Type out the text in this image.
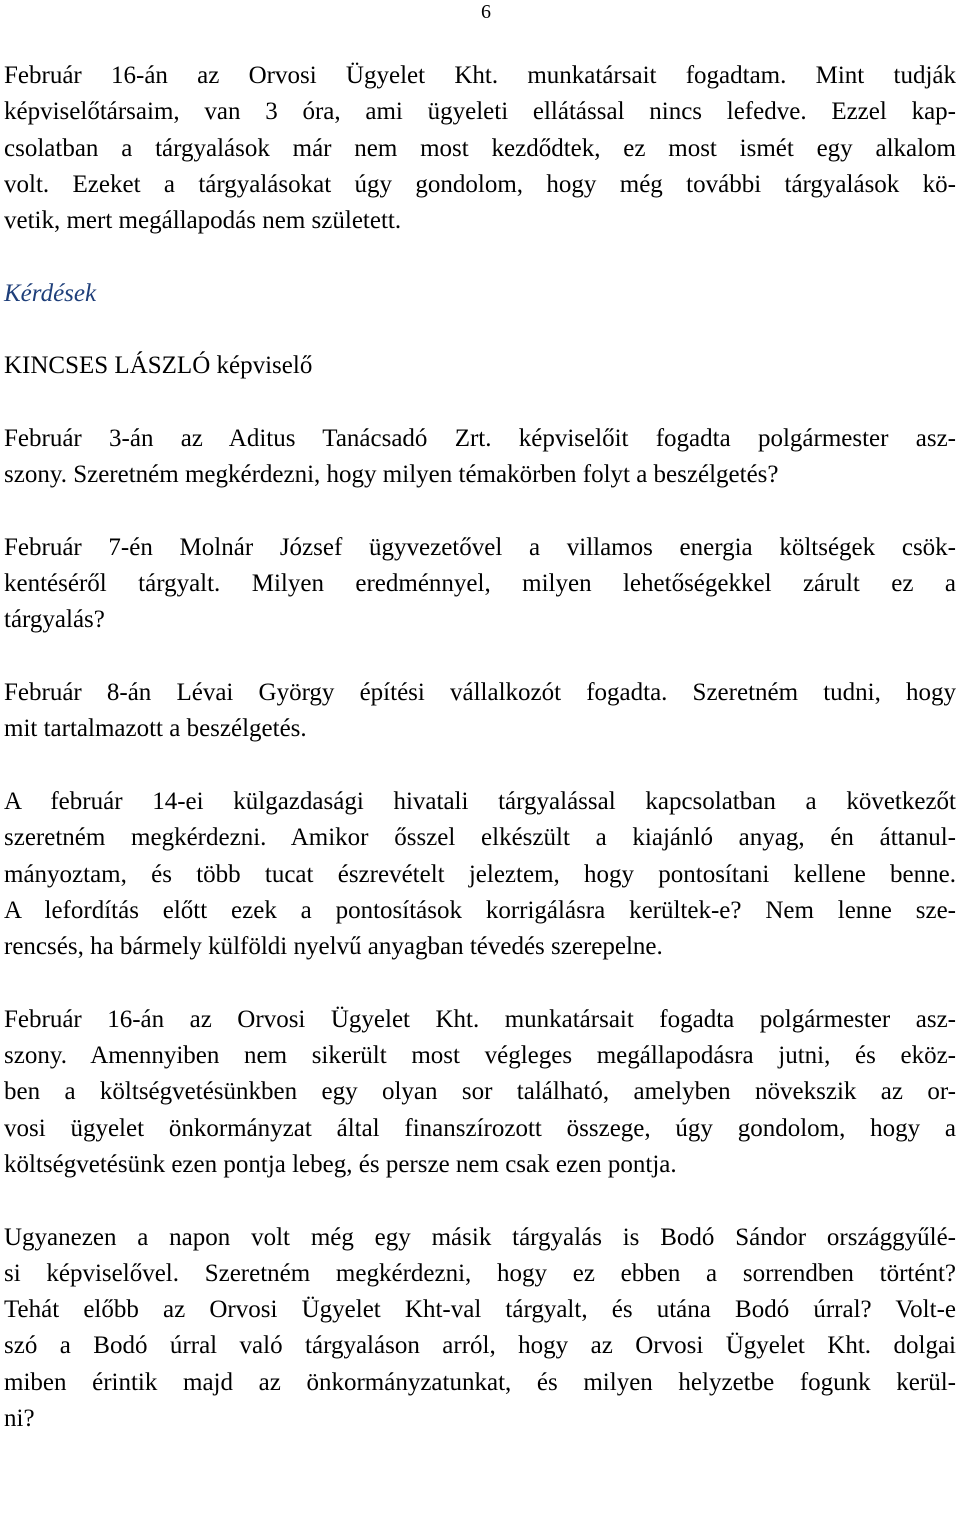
6
Február 16-án az Orvosi Ügyelet Kht. munkatársait fogadtam. Mint tudják
képviselőtársaim, van 3 óra, ami ügyeleti ellátással nincs lefedve. Ezzel kap-
csolatban a tárgyalások már nem most kezdődtek, ez most ismét egy alkalom
volt. Ezeket a tárgyalásokat úgy gondolom, hogy még további tárgyalások kö-
vetik, mert megállapodás nem született.
Kérdések
KINCSES LÁSZLÓ képviselő
Február 3-án az Aditus Tanácsadó Zrt. képviselőit fogadta polgármester asz-
szony. Szeretném megkérdezni, hogy milyen témakörben folyt a beszélgetés?
Február 7-én Molnár József ügyvezetővel a villamos energia költségek csök-
kentéséről tárgyalt. Milyen eredménnyel, milyen lehetőségekkel zárult ez a
tárgyalás?
Február 8-án Lévai György építési vállalkozót fogadta. Szeretném tudni, hogy
mit tartalmazott a beszélgetés.
A február 14-ei külgazdasági hivatali tárgyalással kapcsolatban a következőt
szeretném megkérdezni. Amikor ősszel elkészült a kiajánló anyag, én áttanul-
mányoztam, és több tucat észrevételt jeleztem, hogy pontosítani kellene benne.
A lefordítás előtt ezek a pontosítások korrigálásra kerültek-e? Nem lenne sze-
rencsés, ha bármely külföldi nyelvű anyagban tévedés szerepelne.
Február 16-án az Orvosi Ügyelet Kht. munkatársait fogadta polgármester asz-
szony. Amennyiben nem sikerült most végleges megállapodásra jutni, és eköz-
ben a költségvetésünkben egy olyan sor található, amelyben növekszik az or-
vosi ügyelet önkormányzat által finanszírozott összege, úgy gondolom, hogy a
költségvetésünk ezen pontja lebeg, és persze nem csak ezen pontja.
Ugyanezen a napon volt még egy másik tárgyalás is Bodó Sándor országgyűlé-
si képviselővel. Szeretném megkérdezni, hogy ez ebben a sorrendben történt?
Tehát előbb az Orvosi Ügyelet Kht-val tárgyalt, és utána Bodó úrral? Volt-e
szó a Bodó úrral való tárgyaláson arról, hogy az Orvosi Ügyelet Kht. dolgai
miben érintik majd az önkormányzatunkat, és milyen helyzetbe fogunk kerül-
ni?
